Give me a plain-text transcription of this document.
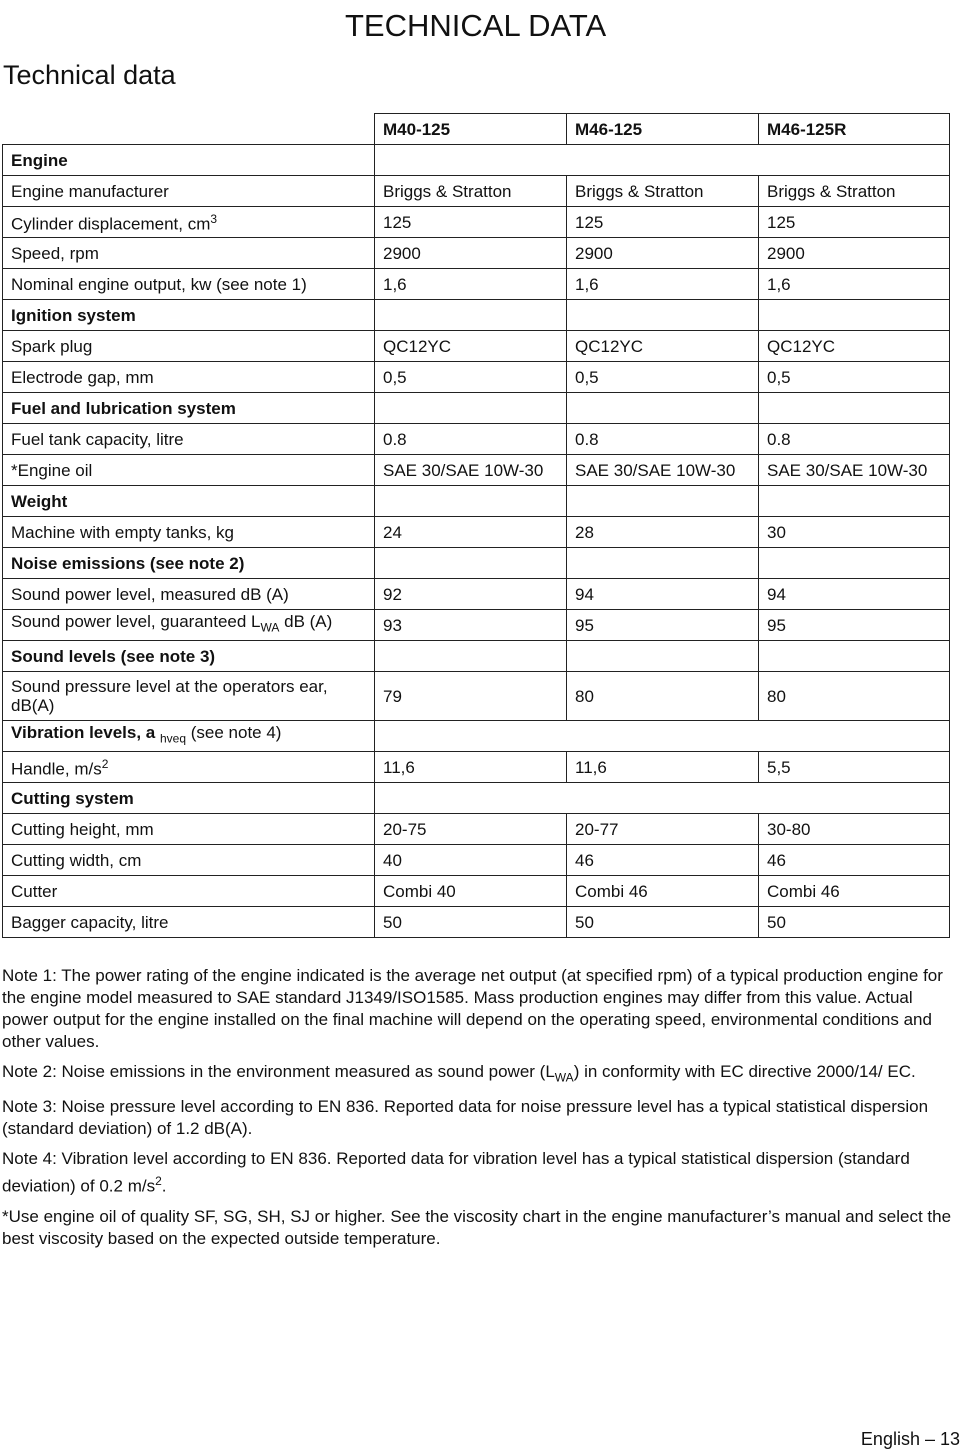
TECHNICAL DATA
Technical data
	M40-125	M46-125	M46-125R
Engine			
Engine manufacturer	Briggs & Stratton	Briggs & Stratton	Briggs & Stratton
Cylinder displacement, $cm^3$	125	125	125
Speed, rpm	2900	2900	2900
Nominal engine output, kw (see note 1)	1,6	1,6	1,6
Ignition system			
Spark plug	QC12YC	QC12YC	QC12YC
Electrode gap, mm	0,5	0,5	0,5
Fuel and lubrication system			
Fuel tank capacity, litre	0.8	0.8	0.8
*Engine oil	SAE 30/SAE 10W-30	SAE 30/SAE 10W-30	SAE 30/SAE 10W-30
Weight			
Machine with empty tanks, kg	24	28	30
Noise emissions (see note 2)			
Sound power level, measured dB (A)	92	94	94
Sound power level, guaranteed $L_{WA}$ dB (A)	93	95	95
Sound levels (see note 3)			
Sound pressure level at the operators ear, dB(A)	79	80	80
Vibration levels, a $_{hveq}$ (see note 4)			
Handle, $m/s^2$	11,6	11,6	5,5
Cutting system			
Cutting height, mm	20-75	20-77	30-80
Cutting width, cm	40	46	46
Cutter	Combi 40	Combi 46	Combi 46
Bagger capacity, litre	50	50	50

Note 1: The power rating of the engine indicated is the average net output (at specified rpm) of a typical production engine for the engine model measured to SAE standard J1349/ISO1585. Mass production engines may differ from this value. Actual power output for the engine installed on the final machine will depend on the operating speed, environmental conditions and other values.

Note 2: Noise emissions in the environment measured as sound power $(L_{WA})$ in conformity with EC directive 2000/14/ EC.

Note 3: Noise pressure level according to EN 836. Reported data for noise pressure level has a typical statistical dispersion (standard deviation) of 1.2 dB(A).

Note 4: Vibration level according to EN 836. Reported data for vibration level has a typical statistical dispersion (standard deviation) of 0.2 $m/s^2$.

*Use engine oil of quality SF, SG, SH, SJ or higher. See the viscosity chart in the engine manufacturer’s manual and select the best viscosity based on the expected outside temperature.

English – 13
